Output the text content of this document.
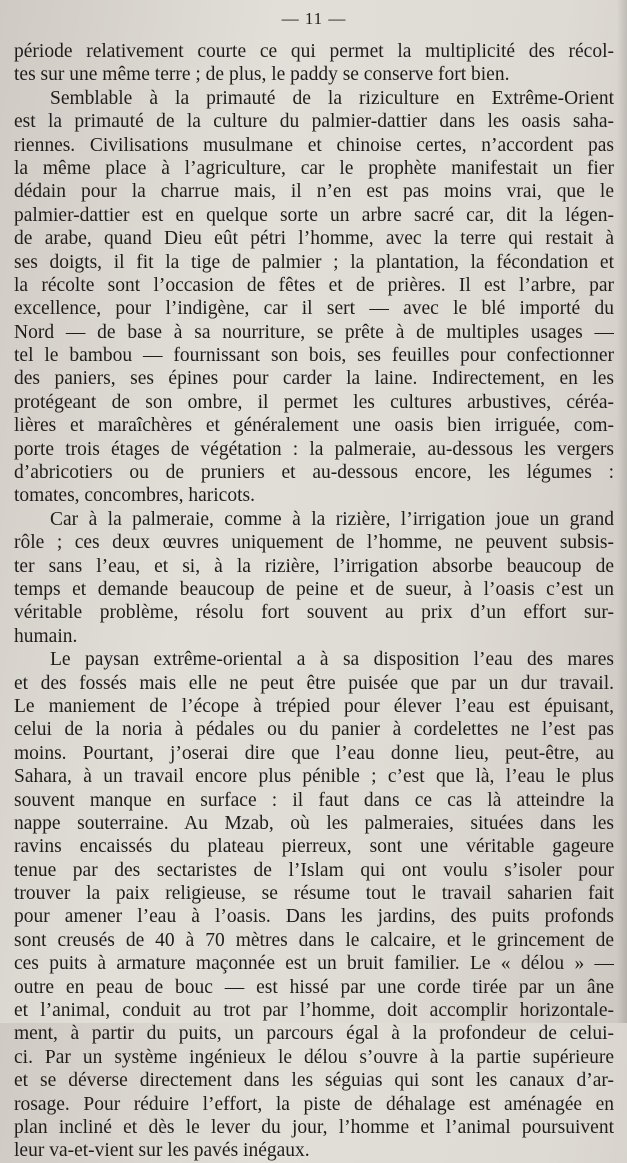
— 11 —
période relativement courte ce qui permet la multiplicité des récol-
tes sur une même terre ; de plus, le paddy se conserve fort bien.
Semblable à la primauté de la riziculture en Extrême-Orient
est la primauté de la culture du palmier-dattier dans les oasis saha-
riennes. Civilisations musulmane et chinoise certes, n’accordent pas
la même place à l’agriculture, car le prophète manifestait un fier
dédain pour la charrue mais, il n’en est pas moins vrai, que le
palmier-dattier est en quelque sorte un arbre sacré car, dit la légen-
de arabe, quand Dieu eût pétri l’homme, avec la terre qui restait à
ses doigts, il fit la tige de palmier ; la plantation, la fécondation et
la récolte sont l’occasion de fêtes et de prières. Il est l’arbre, par
excellence, pour l’indigène, car il sert — avec le blé importé du
Nord — de base à sa nourriture, se prête à de multiples usages —
tel le bambou — fournissant son bois, ses feuilles pour confectionner
des paniers, ses épines pour carder la laine. Indirectement, en les
protégeant de son ombre, il permet les cultures arbustives, céréa-
lières et maraîchères et généralement une oasis bien irriguée, com-
porte trois étages de végétation : la palmeraie, au-dessous les vergers
d’abricotiers ou de pruniers et au-dessous encore, les légumes :
tomates, concombres, haricots.
Car à la palmeraie, comme à la rizière, l’irrigation joue un grand
rôle ; ces deux œuvres uniquement de l’homme, ne peuvent subsis-
ter sans l’eau, et si, à la rizière, l’irrigation absorbe beaucoup de
temps et demande beaucoup de peine et de sueur, à l’oasis c’est un
véritable problème, résolu fort souvent au prix d’un effort sur-
humain.
Le paysan extrême-oriental a à sa disposition l’eau des mares
et des fossés mais elle ne peut être puisée que par un dur travail.
Le maniement de l’écope à trépied pour élever l’eau est épuisant,
celui de la noria à pédales ou du panier à cordelettes ne l’est pas
moins. Pourtant, j’oserai dire que l’eau donne lieu, peut-être, au
Sahara, à un travail encore plus pénible ; c’est que là, l’eau le plus
souvent manque en surface : il faut dans ce cas là atteindre la
nappe souterraine. Au Mzab, où les palmeraies, situées dans les
ravins encaissés du plateau pierreux, sont une véritable gageure
tenue par des sectaristes de l’Islam qui ont voulu s’isoler pour
trouver la paix religieuse, se résume tout le travail saharien fait
pour amener l’eau à l’oasis. Dans les jardins, des puits profonds
sont creusés de 40 à 70 mètres dans le calcaire, et le grincement de
ces puits à armature maçonnée est un bruit familier. Le « délou » —
outre en peau de bouc — est hissé par une corde tirée par un âne
et l’animal, conduit au trot par l’homme, doit accomplir horizontale-
ment, à partir du puits, un parcours égal à la profondeur de celui-
ci. Par un système ingénieux le délou s’ouvre à la partie supérieure
et se déverse directement dans les séguias qui sont les canaux d’ar-
rosage. Pour réduire l’effort, la piste de déhalage est aménagée en
plan incliné et dès le lever du jour, l’homme et l’animal poursuivent
leur va-et-vient sur les pavés inégaux.
